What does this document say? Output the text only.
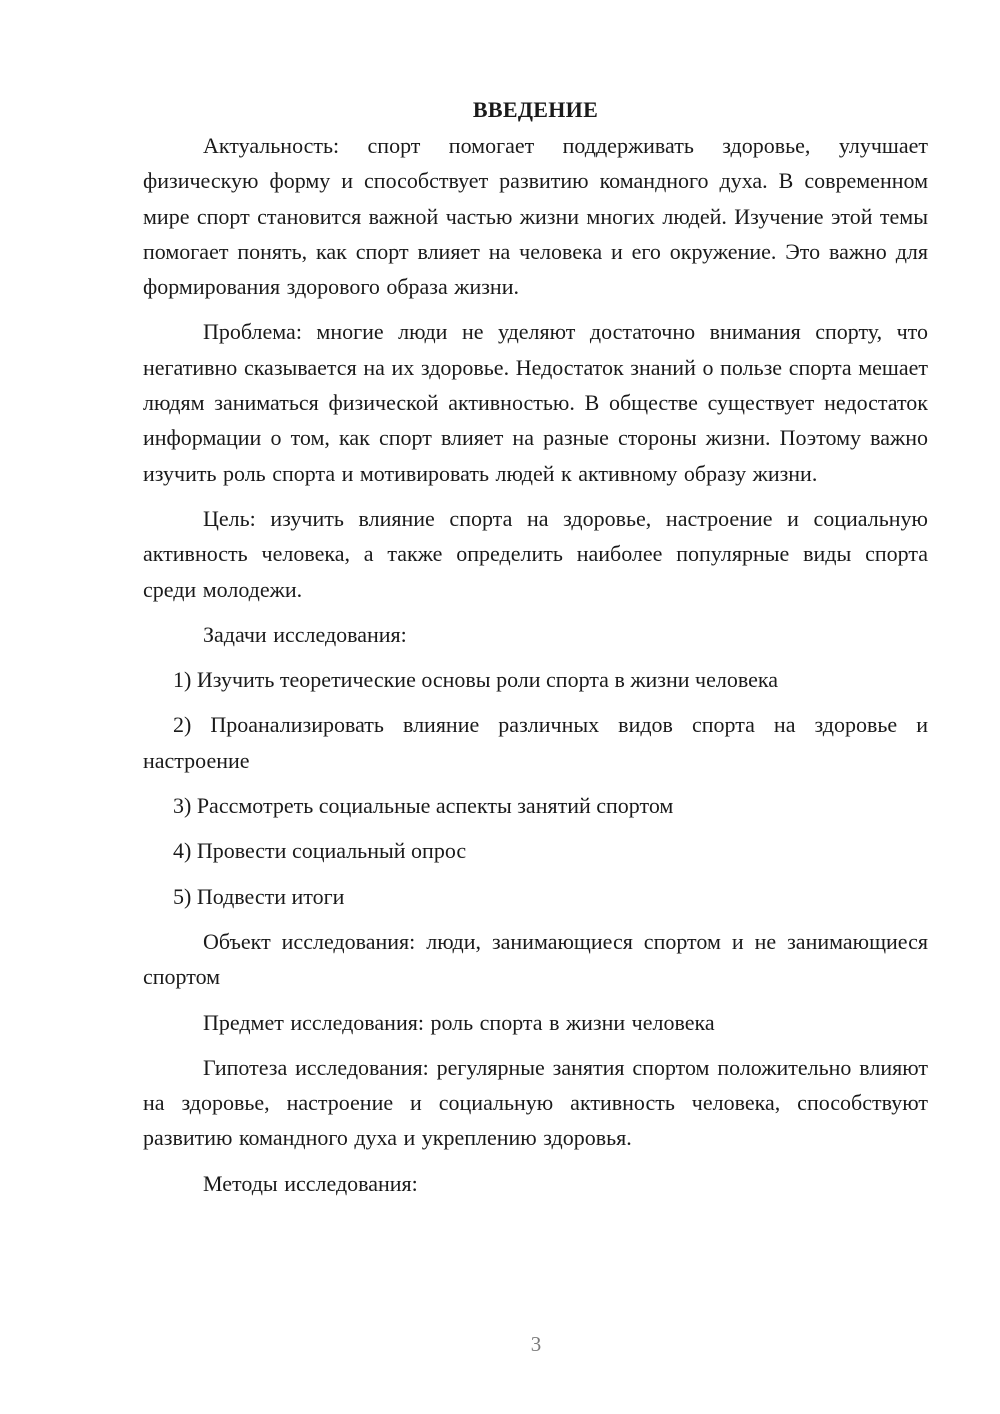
ВВЕДЕНИЕ

Актуальность: спорт помогает поддерживать здоровье, улучшает физическую форму и способствует развитию командного духа. В современном мире спорт становится важной частью жизни многих людей. Изучение этой темы помогает понять, как спорт влияет на человека и его окружение. Это важно для формирования здорового образа жизни.

Проблема: многие люди не уделяют достаточно внимания спорту, что негативно сказывается на их здоровье. Недостаток знаний о пользе спорта мешает людям заниматься физической активностью. В обществе существует недостаток информации о том, как спорт влияет на разные стороны жизни. Поэтому важно изучить роль спорта и мотивировать людей к активному образу жизни.

Цель: изучить влияние спорта на здоровье, настроение и социальную активность человека, а также определить наиболее популярные виды спорта среди молодежи.

Задачи исследования:

1) Изучить теоретические основы роли спорта в жизни человека

2) Проанализировать влияние различных видов спорта на здоровье и настроение

3) Рассмотреть социальные аспекты занятий спортом

4) Провести социальный опрос

5) Подвести итоги

Объект исследования: люди, занимающиеся спортом и не занимающиеся спортом

Предмет исследования: роль спорта в жизни человека

Гипотеза исследования: регулярные занятия спортом положительно влияют на здоровье, настроение и социальную активность человека, способствуют развитию командного духа и укреплению здоровья.

Методы исследования:

3
